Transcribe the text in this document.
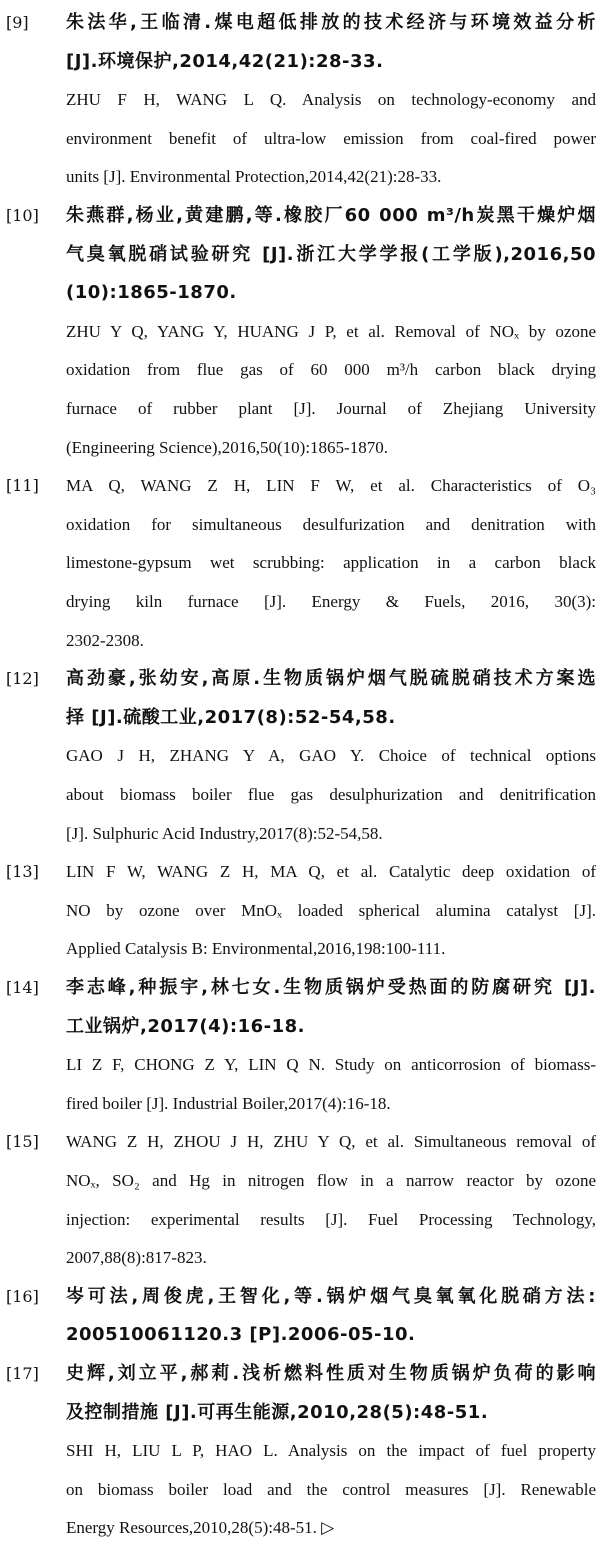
[9] 朱法华,王临清.煤电超低排放的技术经济与环境效益分析
[J].环境保护,2014,42(21):28-33.
ZHU F H, WANG L Q. Analysis on technology-economy and
environment benefit of ultra-low emission from coal-fired power
units [J]. Environmental Protection,2014,42(21):28-33.
[10] 朱燕群,杨业,黄建鹏,等.橡胶厂60 000 m³/h炭黑干燥炉烟
气臭氧脱硝试验研究 [J].浙江大学学报(工学版),2016,50
(10):1865-1870.
ZHU Y Q, YANG Y, HUANG J P, et al. Removal of NOₓ by ozone
oxidation from flue gas of 60 000 m³/h carbon black drying
furnace of rubber plant [J]. Journal of Zhejiang University
(Engineering Science),2016,50(10):1865-1870.
[11] MA Q, WANG Z H, LIN F W, et al. Characteristics of O₃
oxidation for simultaneous desulfurization and denitration with
limestone-gypsum wet scrubbing: application in a carbon black
drying kiln furnace [J]. Energy & Fuels, 2016, 30(3):
2302-2308.
[12] 高劲豪,张幼安,高原.生物质锅炉烟气脱硫脱硝技术方案选
择 [J].硫酸工业,2017(8):52-54,58.
GAO J H, ZHANG Y A, GAO Y. Choice of technical options
about biomass boiler flue gas desulphurization and denitrification
[J]. Sulphuric Acid Industry,2017(8):52-54,58.
[13] LIN F W, WANG Z H, MA Q, et al. Catalytic deep oxidation of
NO by ozone over MnOₓ loaded spherical alumina catalyst [J].
Applied Catalysis B: Environmental,2016,198:100-111.
[14] 李志峰,种振宇,林七女.生物质锅炉受热面的防腐研究 [J].
工业锅炉,2017(4):16-18.
LI Z F, CHONG Z Y, LIN Q N. Study on anticorrosion of biomass-
fired boiler [J]. Industrial Boiler,2017(4):16-18.
[15] WANG Z H, ZHOU J H, ZHU Y Q, et al. Simultaneous removal of
NOₓ, SO₂ and Hg in nitrogen flow in a narrow reactor by ozone
injection: experimental results [J]. Fuel Processing Technology,
2007,88(8):817-823.
[16] 岑可法,周俊虎,王智化,等.锅炉烟气臭氧氧化脱硝方法:
200510061120.3 [P].2006-05-10.
[17] 史辉,刘立平,郝莉.浅析燃料性质对生物质锅炉负荷的影响
及控制措施 [J].可再生能源,2010,28(5):48-51.
SHI H, LIU L P, HAO L. Analysis on the impact of fuel property
on biomass boiler load and the control measures [J]. Renewable
Energy Resources,2010,28(5):48-51. ▷
